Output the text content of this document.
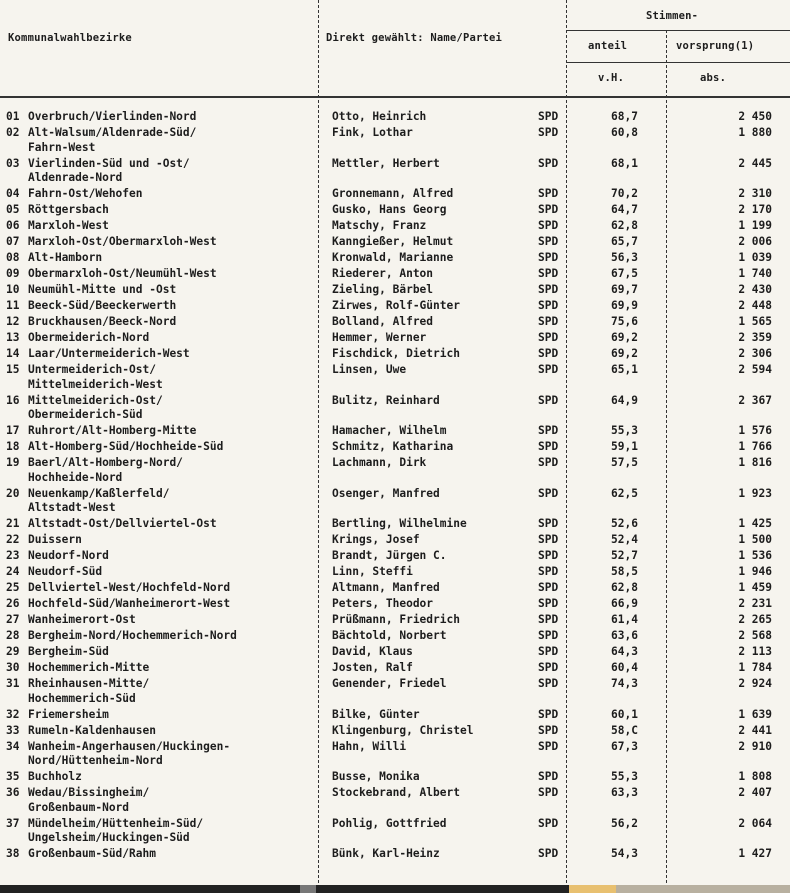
Kommunalwahlbezirke	Direkt gewählt: Name/Partei
Stimmen-
anteil	vorsprung(1)
v.H.	abs.
01	Overbruch/Vierlinden-Nord	Otto, Heinrich	SPD	68,7	2 450
02	Alt-Walsum/Aldenrade-Süd/
Fahrn-West	Fink, Lothar	SPD	60,8	1 880
03	Vierlinden-Süd und -Ost/
Aldenrade-Nord	Mettler, Herbert	SPD	68,1	2 445
04	Fahrn-Ost/Wehofen	Gronnemann, Alfred	SPD	70,2	2 310
05	Röttgersbach	Gusko, Hans Georg	SPD	64,7	2 170
06	Marxloh-West	Matschy, Franz	SPD	62,8	1 199
07	Marxloh-Ost/Obermarxloh-West	Kanngießer, Helmut	SPD	65,7	2 006
08	Alt-Hamborn	Kronwald, Marianne	SPD	56,3	1 039
09	Obermarxloh-Ost/Neumühl-West	Riederer, Anton	SPD	67,5	1 740
10	Neumühl-Mitte und -Ost	Zieling, Bärbel	SPD	69,7	2 430
11	Beeck-Süd/Beeckerwerth	Zirwes, Rolf-Günter	SPD	69,9	2 448
12	Bruckhausen/Beeck-Nord	Bolland, Alfred	SPD	75,6	1 565
13	Obermeiderich-Nord	Hemmer, Werner	SPD	69,2	2 359
14	Laar/Untermeiderich-West	Fischdick, Dietrich	SPD	69,2	2 306
15	Untermeiderich-Ost/
Mittelmeiderich-West	Linsen, Uwe	SPD	65,1	2 594
16	Mittelmeiderich-Ost/
Obermeiderich-Süd	Bulitz, Reinhard	SPD	64,9	2 367
17	Ruhrort/Alt-Homberg-Mitte	Hamacher, Wilhelm	SPD	55,3	1 576
18	Alt-Homberg-Süd/Hochheide-Süd	Schmitz, Katharina	SPD	59,1	1 766
19	Baerl/Alt-Homberg-Nord/
Hochheide-Nord	Lachmann, Dirk	SPD	57,5	1 816
20	Neuenkamp/Kaßlerfeld/
Altstadt-West	Osenger, Manfred	SPD	62,5	1 923
21	Altstadt-Ost/Dellviertel-Ost	Bertling, Wilhelmine	SPD	52,6	1 425
22	Duissern	Krings, Josef	SPD	52,4	1 500
23	Neudorf-Nord	Brandt, Jürgen C.	SPD	52,7	1 536
24	Neudorf-Süd	Linn, Steffi	SPD	58,5	1 946
25	Dellviertel-West/Hochfeld-Nord	Altmann, Manfred	SPD	62,8	1 459
26	Hochfeld-Süd/Wanheimerort-West	Peters, Theodor	SPD	66,9	2 231
27	Wanheimerort-Ost	Prüßmann, Friedrich	SPD	61,4	2 265
28	Bergheim-Nord/Hochemmerich-Nord	Bächtold, Norbert	SPD	63,6	2 568
29	Bergheim-Süd	David, Klaus	SPD	64,3	2 113
30	Hochemmerich-Mitte	Josten, Ralf	SPD	60,4	1 784
31	Rheinhausen-Mitte/
Hochemmerich-Süd	Genender, Friedel	SPD	74,3	2 924
32	Friemersheim	Bilke, Günter	SPD	60,1	1 639
33	Rumeln-Kaldenhausen	Klingenburg, Christel	SPD	58,C	2 441
34	Wanheim-Angerhausen/Huckingen-
Nord/Hüttenheim-Nord	Hahn, Willi	SPD	67,3	2 910
35	Buchholz	Busse, Monika	SPD	55,3	1 808
36	Wedau/Bissingheim/
Großenbaum-Nord	Stockebrand, Albert	SPD	63,3	2 407
37	Mündelheim/Hüttenheim-Süd/
Ungelsheim/Huckingen-Süd	Pohlig, Gottfried	SPD	56,2	2 064
38	Großenbaum-Süd/Rahm	Bünk, Karl-Heinz	SPD	54,3	1 427
